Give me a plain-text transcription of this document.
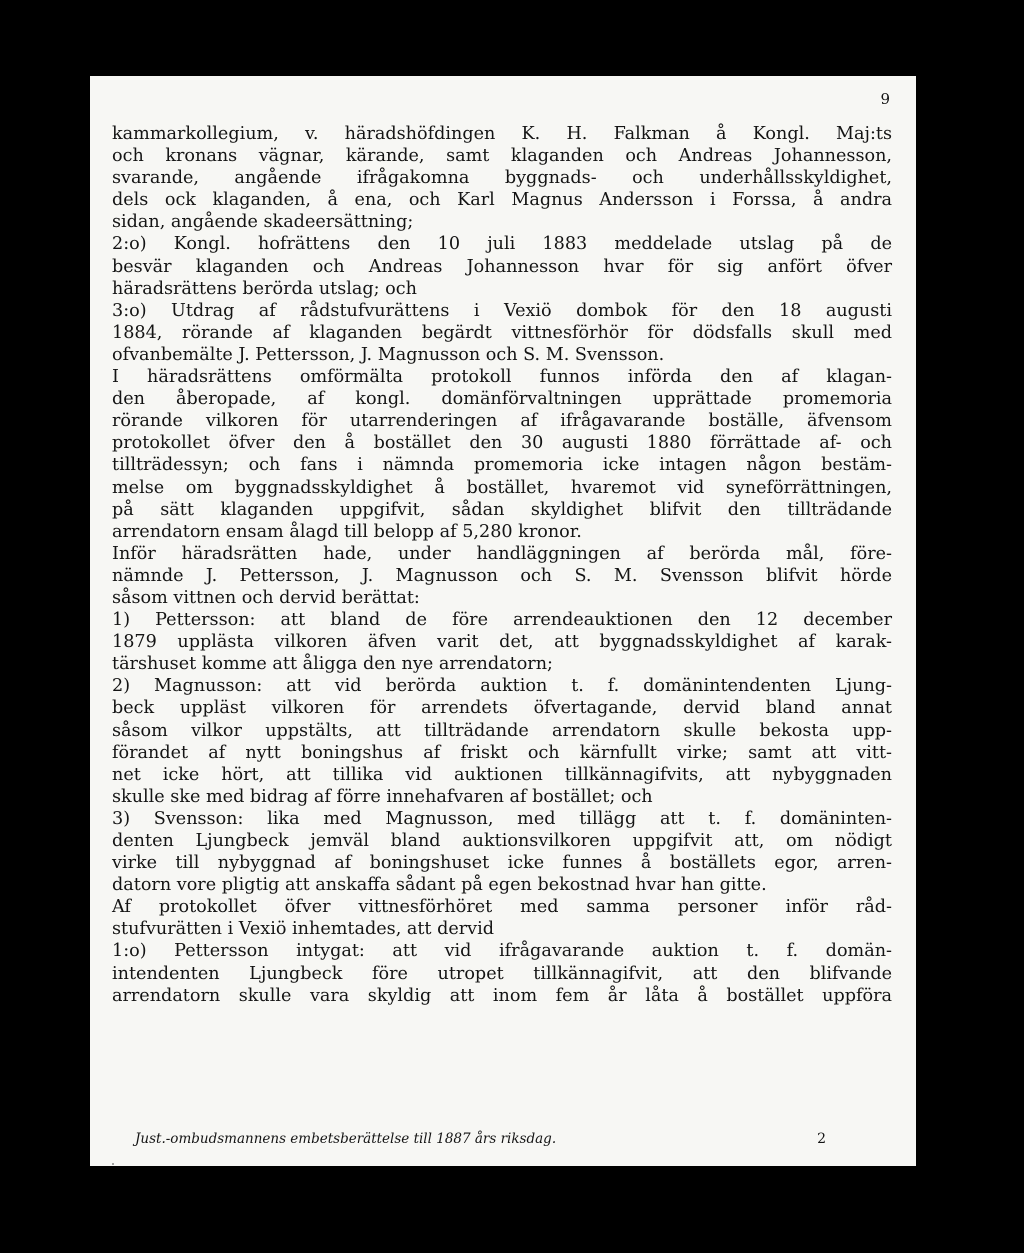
9
kammarkollegium, v. häradshöfdingen K. H. Falkman å Kongl. Maj:ts
och kronans vägnar, kärande, samt klaganden och Andreas Johannesson,
svarande, angående ifrågakomna byggnads- och underhållsskyldighet,
dels ock klaganden, å ena, och Karl Magnus Andersson i Forssa, å andra
sidan, angående skadeersättning;
2:o) Kongl. hofrättens den 10 juli 1883 meddelade utslag på de
besvär klaganden och Andreas Johannesson hvar för sig anfört öfver
häradsrättens berörda utslag; och
3:o) Utdrag af rådstufvurättens i Vexiö dombok för den 18 augusti
1884, rörande af klaganden begärdt vittnesförhör för dödsfalls skull med
ofvanbemälte J. Pettersson, J. Magnusson och S. M. Svensson.
I häradsrättens omförmälta protokoll funnos införda den af klagan-
den åberopade, af kongl. domänförvaltningen upprättade promemoria
rörande vilkoren för utarrenderingen af ifrågavarande boställe, äfvensom
protokollet öfver den å bostället den 30 augusti 1880 förrättade af- och
tillträdessyn; och fans i nämnda promemoria icke intagen någon bestäm-
melse om byggnadsskyldighet å bostället, hvaremot vid syneförrättningen,
på sätt klaganden uppgifvit, sådan skyldighet blifvit den tillträdande
arrendatorn ensam ålagd till belopp af 5,280 kronor.
Inför häradsrätten hade, under handläggningen af berörda mål, före-
nämnde J. Pettersson, J. Magnusson och S. M. Svensson blifvit hörde
såsom vittnen och dervid berättat:
1) Pettersson: att bland de före arrendeauktionen den 12 december
1879 upplästa vilkoren äfven varit det, att byggnadsskyldighet af karak-
tärshuset komme att åligga den nye arrendatorn;
2) Magnusson: att vid berörda auktion t. f. domänintendenten Ljung-
beck uppläst vilkoren för arrendets öfvertagande, dervid bland annat
såsom vilkor uppstälts, att tillträdande arrendatorn skulle bekosta upp-
förandet af nytt boningshus af friskt och kärnfullt virke; samt att vitt-
net icke hört, att tillika vid auktionen tillkännagifvits, att nybyggnaden
skulle ske med bidrag af förre innehafvaren af bostället; och
3) Svensson: lika med Magnusson, med tillägg att t. f. domäninten-
denten Ljungbeck jemväl bland auktionsvilkoren uppgifvit att, om nödigt
virke till nybyggnad af boningshuset icke funnes å boställets egor, arren-
datorn vore pligtig att anskaffa sådant på egen bekostnad hvar han gitte.
Af protokollet öfver vittnesförhöret med samma personer inför råd-
stufvurätten i Vexiö inhemtades, att dervid
1:o) Pettersson intygat: att vid ifrågavarande auktion t. f. domän-
intendenten Ljungbeck före utropet tillkännagifvit, att den blifvande
arrendatorn skulle vara skyldig att inom fem år låta å bostället uppföra
Just.-ombudsmannens embetsberättelse till 1887 års riksdag.	2
